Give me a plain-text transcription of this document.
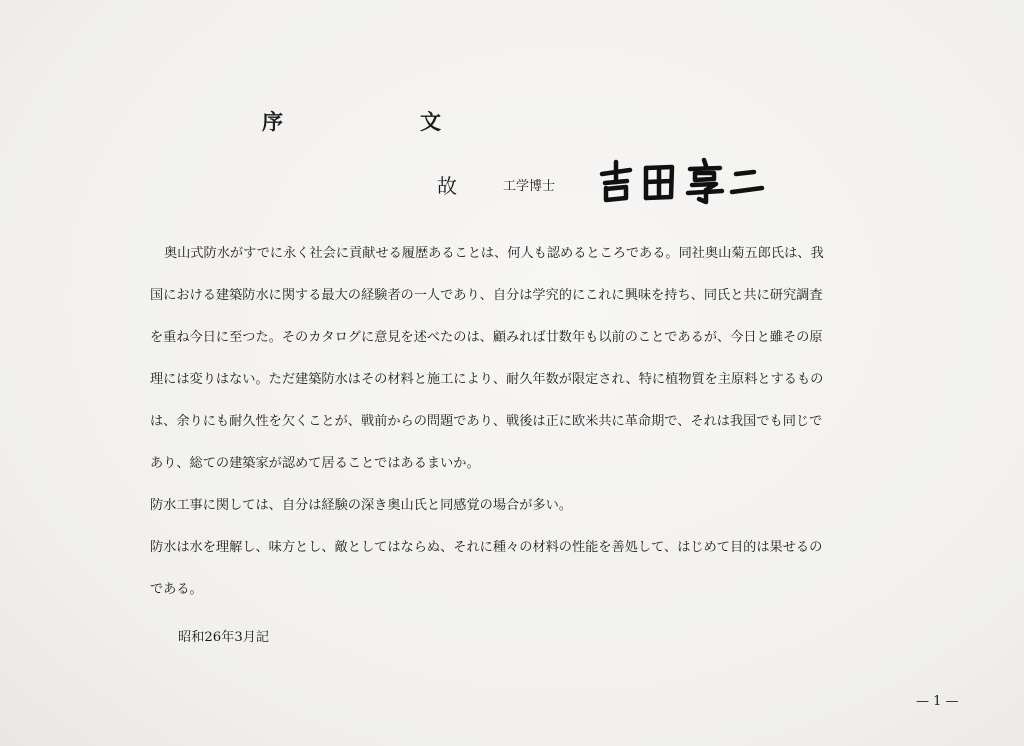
序　文
故	工学博士

奥山式防水がすでに永く社会に貢献せる履歴あることは、何人も認めるところである。同社奥山菊五郎氏は、我国における建築防水に関する最大の経験者の一人であり、自分は学究的にこれに興味を持ち、同氏と共に研究調査を重ね今日に至つた。そのカタログに意見を述べたのは、顧みれば廿数年も以前のことであるが、今日と雖その原理には変りはない。ただ建築防水はその材料と施工により、耐久年数が限定され、特に植物質を主原料とするものは、余りにも耐久性を欠くことが、戦前からの問題であり、戦後は正に欧米共に革命期で、それは我国でも同じであり、総ての建築家が認めて居ることではあるまいか。

防水工事に関しては、自分は経験の深き奥山氏と同感覚の場合が多い。

防水は水を理解し、味方とし、敵としてはならぬ、それに種々の材料の性能を善処して、はじめて目的は果せるのである。

昭和26年3月記
— 1 —
